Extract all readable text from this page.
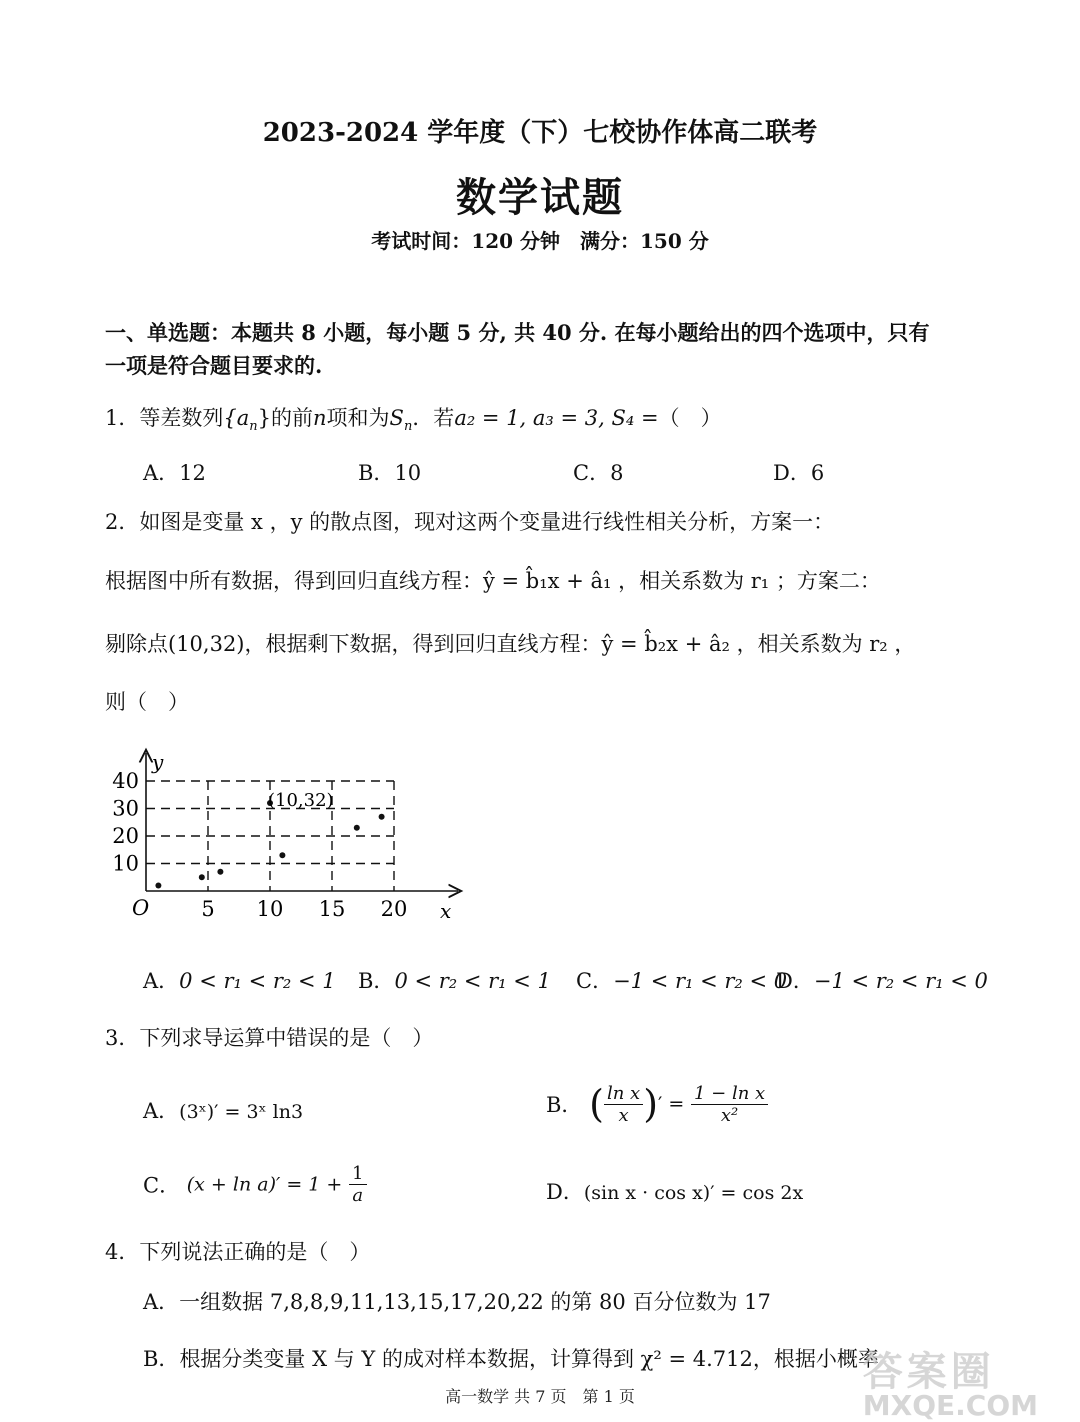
2023-2024 学年度（下）七校协作体高二联考
数学试题
考试时间：120 分钟　满分：150 分
一、单选题：本题共 8 小题，每小题 5 分, 共 40 分. 在每小题给出的四个选项中，只有一项是符合题目要求的.
1．等差数列$\{a_n\}$的前n项和为$S_n$．若a₂ = 1, a₃ = 3, S₄ =（　）
A．12	B．10	C．8	D．6
2．如图是变量 x ，y 的散点图，现对这两个变量进行线性相关分析，方案一：
根据图中所有数据，得到回归直线方程：ŷ = b̂₁x + â₁ ，相关系数为 r₁ ；方案二：
剔除点(10,32)，根据剩下数据，得到回归直线方程：ŷ = b̂₂x + â₂ ，相关系数为 r₂ ，
则（　）
y
x
O
10
20
30
40
5 10 15 20
(10,32)
A．0 < r₁ < r₂ < 1 B．0 < r₂ < r₁ < 1 C．−1 < r₁ < r₂ < 0
D．−1 < r₂ < r₁ < 0
3．下列求导运算中错误的是（　）
A．(3ˣ)′ = 3ˣ ln3	B． ( $\frac{\text{ln x}}{x}$ )′ = $\frac{\text{1 − ln x}}{\text{x²}}$
C． $(x + \ln a)' = 1 + \frac{1}{a}$	D．(sin x · cos x)′ = cos 2x
4．下列说法正确的是（　）
A．一组数据 7,8,8,9,11,13,15,17,20,22 的第 80 百分位数为 17
B．根据分类变量 X 与 Y 的成对样本数据，计算得到 χ² = 4.712，根据小概率
答案圈
MXQE.COM
高一数学 共 7 页　第 1 页
